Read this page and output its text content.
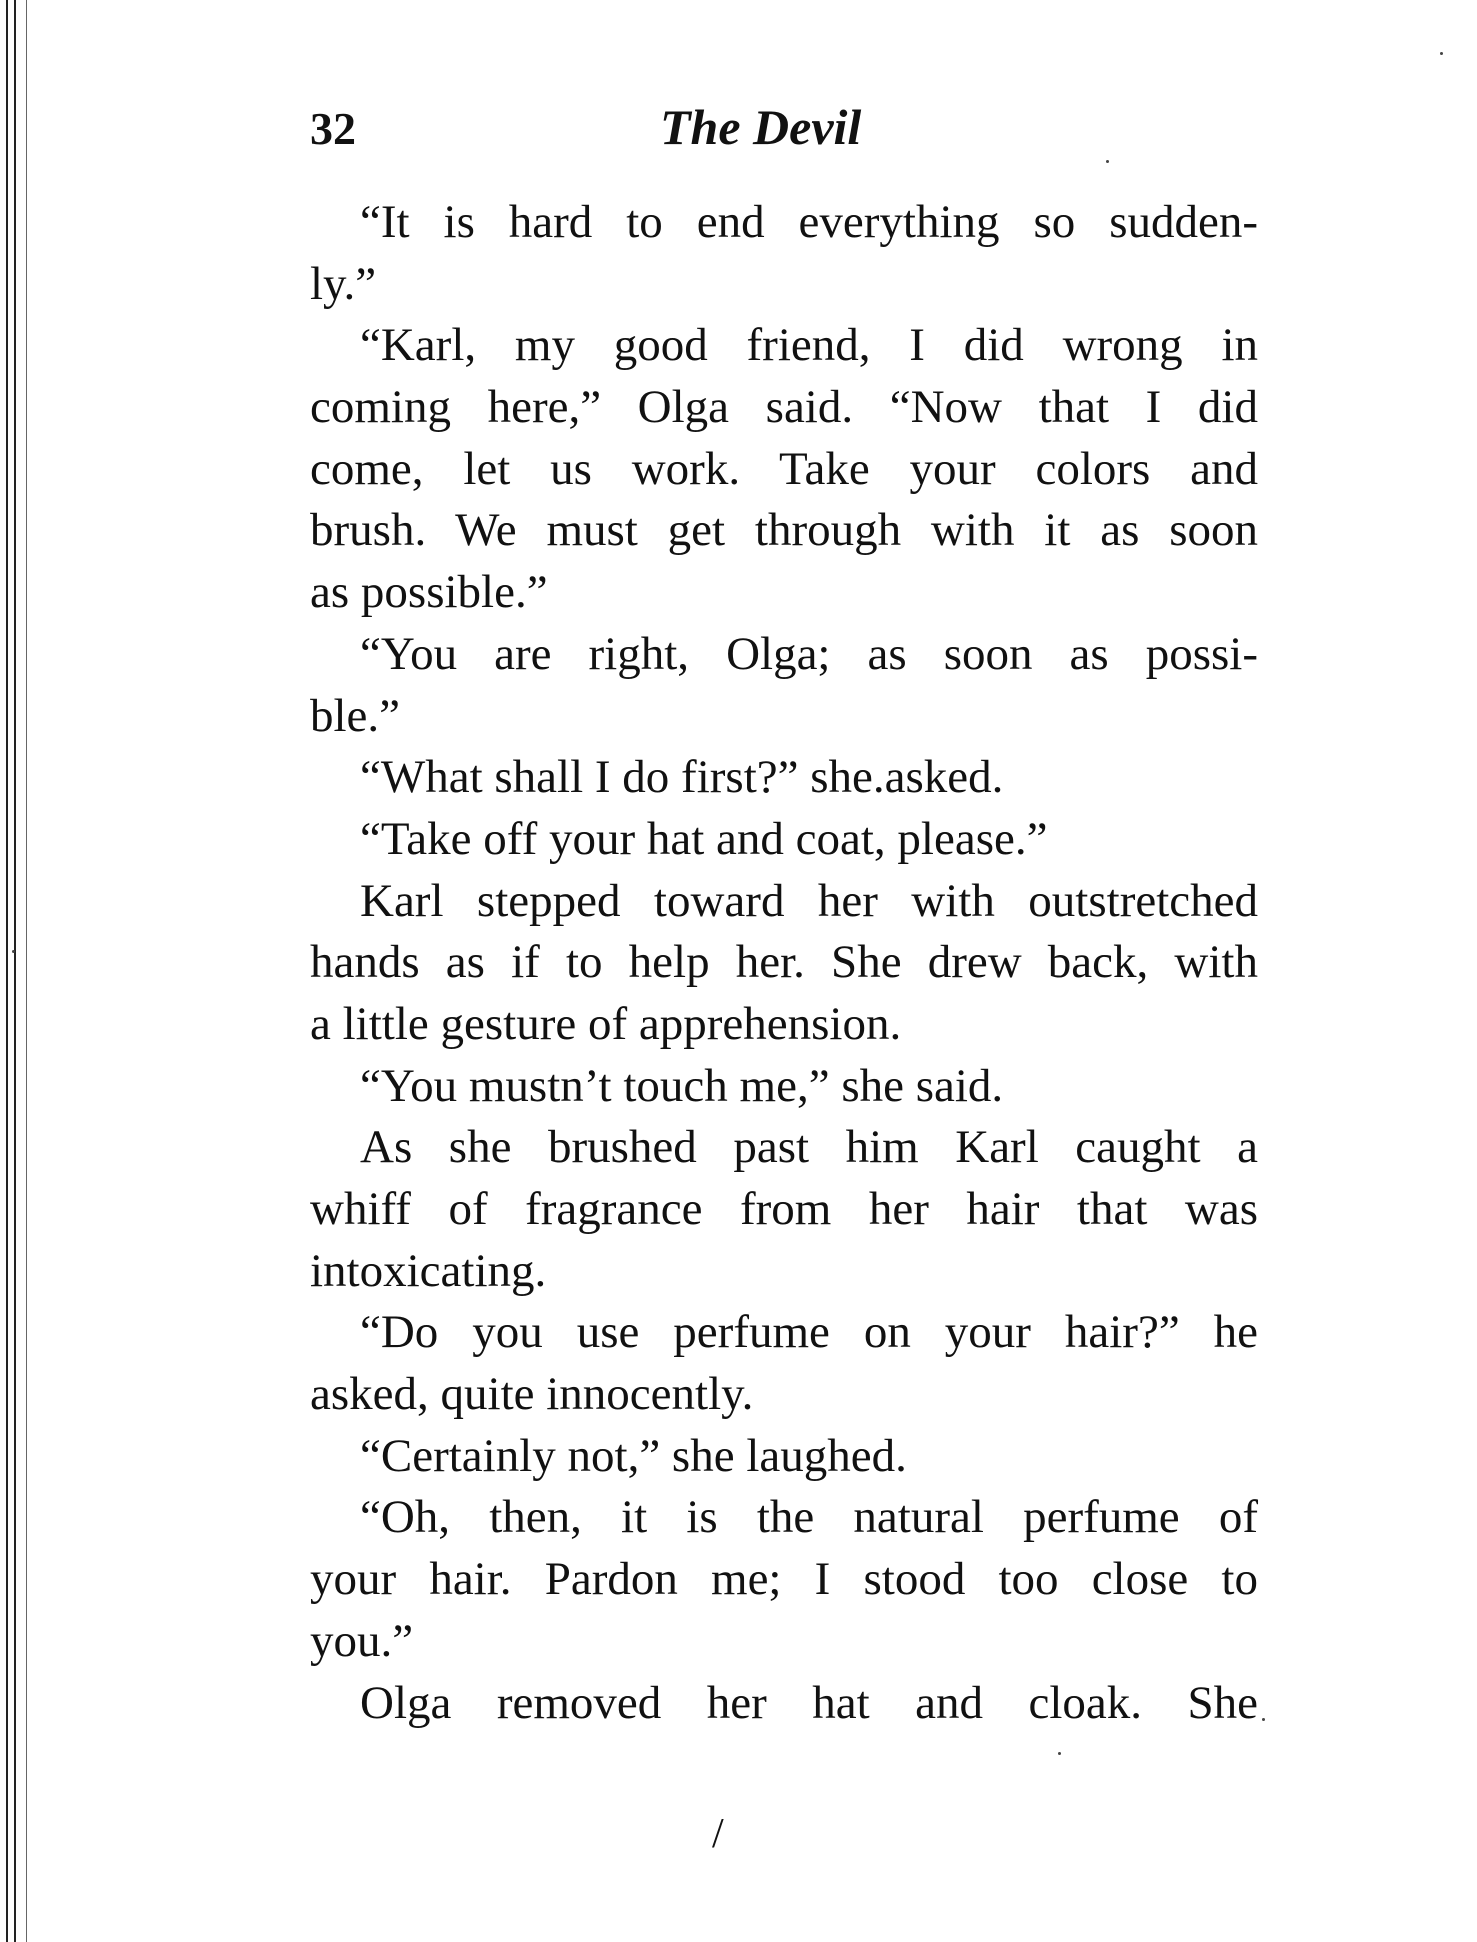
32	The Devil
“It is hard to end everything so sudden-
ly.”
“Karl, my good friend, I did wrong in
coming here,” Olga said. “Now that I did
come, let us work. Take your colors and
brush. We must get through with it as soon
as possible.”
“You are right, Olga; as soon as possi-
ble.”
“What shall I do first?” she.asked.
“Take off your hat and coat, please.”
Karl stepped toward her with outstretched
hands as if to help her. She drew back, with
a little gesture of apprehension.
“You mustn’t touch me,” she said.
As she brushed past him Karl caught a
whiff of fragrance from her hair that was
intoxicating.
“Do you use perfume on your hair?” he
asked, quite innocently.
“Certainly not,” she laughed.
“Oh, then, it is the natural perfume of
your hair. Pardon me; I stood too close to
you.”
Olga removed her hat and cloak. She
/
